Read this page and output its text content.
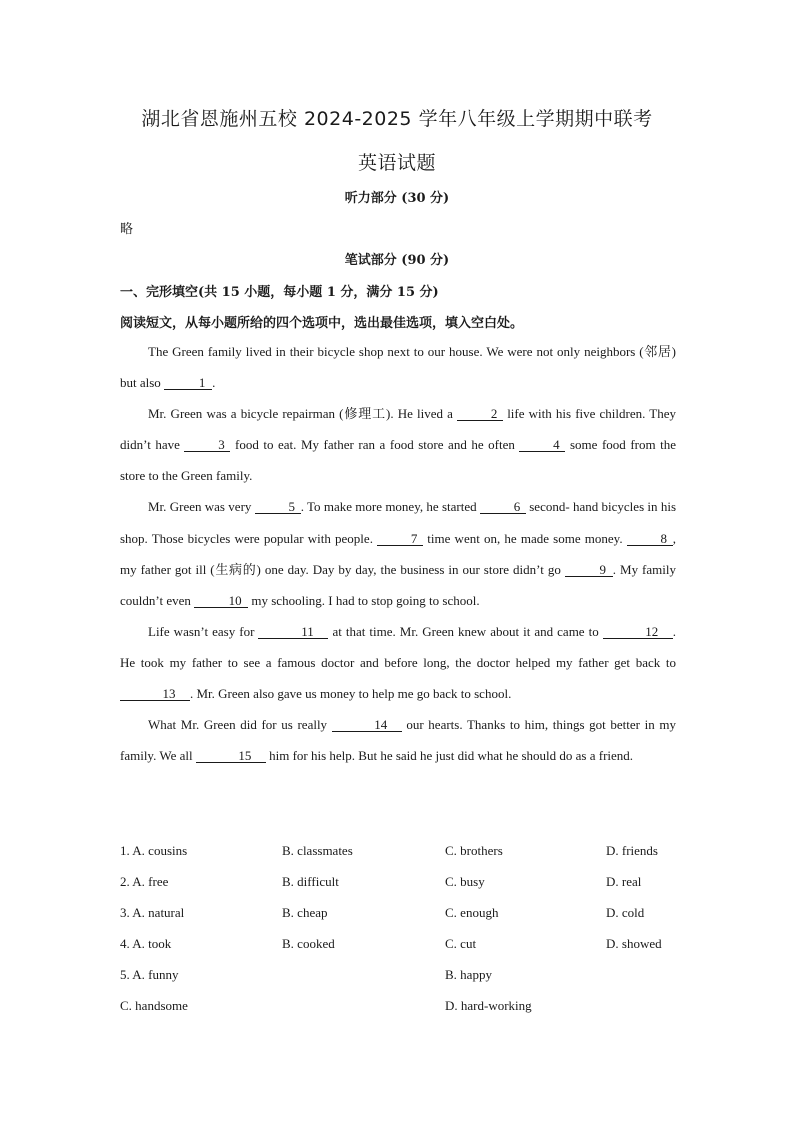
湖北省恩施州五校 2024-2025 学年八年级上学期期中联考
英语试题
听力部分 (30 分)
略
笔试部分 (90 分)
一、完形填空(共 15 小题，每小题 1 分，满分 15 分)
阅读短文，从每小题所给的四个选项中，选出最佳选项，填入空白处。

The Green family lived in their bicycle shop next to our house. We were not only neighbors (邻居) but also	1 .

Mr. Green was a bicycle repairman (修理工). He lived a	2 life with his five children. They didn’t have	3 food to eat. My father ran a food store and he often	4 some food from the store to the Green family.

Mr. Green was very	5 . To make more money, he started	6 second- hand bicycles in his shop. Those bicycles were popular with people.	7 time went on, he made some money.	8 , my father got ill (生病的) one day. Day by day, the business in our store didn’t go	9 . My family couldn’t even	10 my schooling. I had to stop going to school.

Life wasn’t easy for	11 at that time. Mr. Green knew about it and came to	12 . He took my father to see a famous doctor and before long, the doctor helped my father get back to 13 . Mr. Green also gave us money to help me go back to school.

What Mr. Green did for us really	14 our hearts. Thanks to him, things got better in my family. We all	15 him for his help. But he said he just did what he should do as a friend.

1. A. cousins	B. classmates	C. brothers	D. friends
2. A. free	B. difficult	C. busy	D. real
3. A. natural	B. cheap	C. enough	D. cold
4. A. took	B. cooked	C. cut	D. showed
5. A. funny	B. happy
C. handsome	D. hard-working
